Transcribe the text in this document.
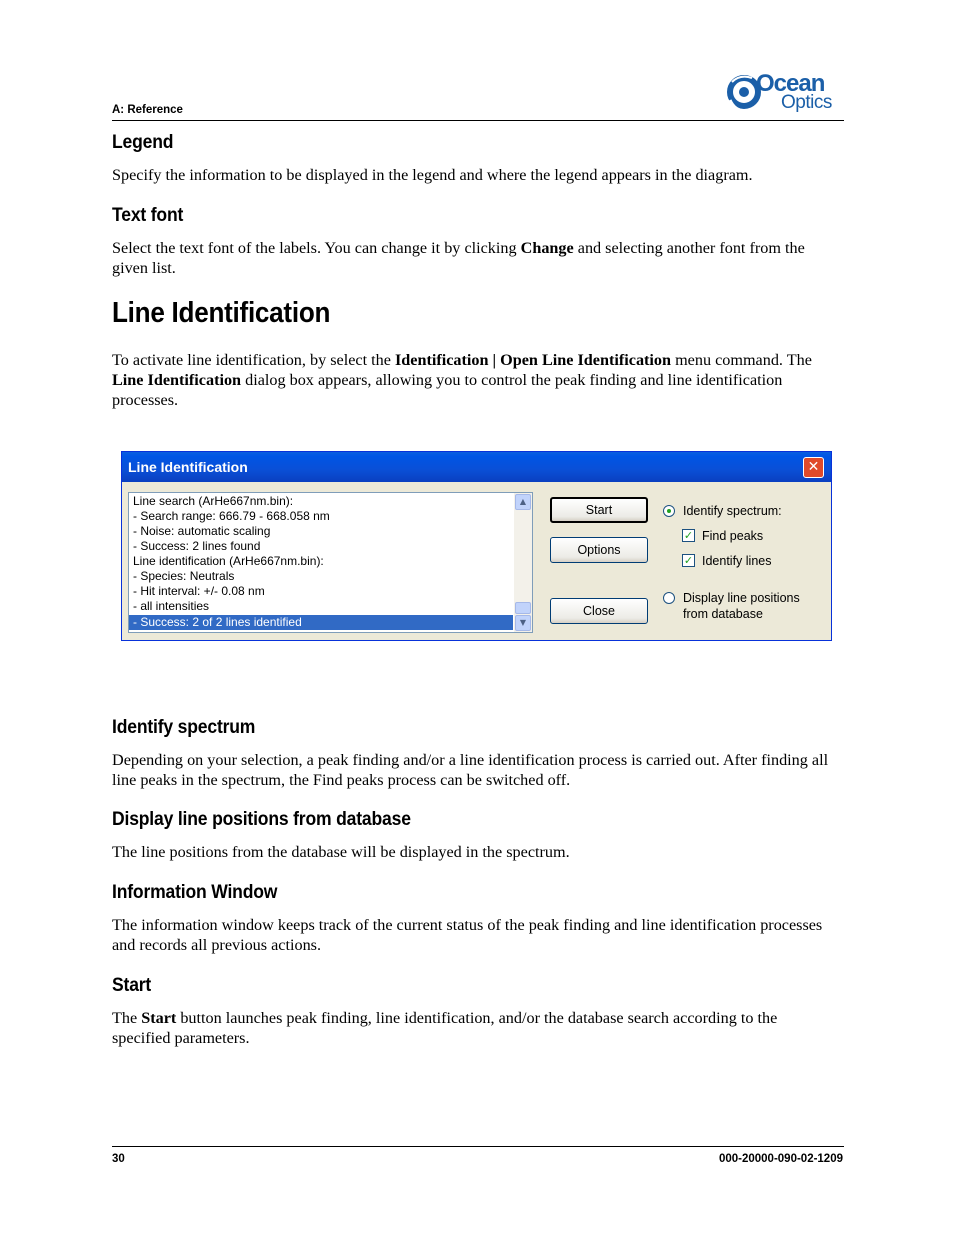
Ocean
Optics
A: Reference
Legend

Specify the information to be displayed in the legend and where the legend appears in the diagram.

Text font

Select the text font of the labels. You can change it by clicking Change and selecting another font from the given list.

Line Identification

To activate line identification, by select the Identification | Open Line Identification menu command. The Line Identification dialog box appears, allowing you to control the peak finding and line identification processes.

Line Identification	✕
Line search (ArHe667nm.bin):
- Search range: 666.79 - 668.058 nm
- Noise: automatic scaling
- Success: 2 lines found
Line identification (ArHe667nm.bin):
- Species: Neutrals
- Hit interval: +/- 0.08 nm
- all intensities
- Success: 2 of 2 lines identified
▲
▼
Start
Options
Close
Identify spectrum:
✓ Find peaks
✓ Identify lines
Display line positions
from database
Identify spectrum

Depending on your selection, a peak finding and/or a line identification process is carried out. After finding all line peaks in the spectrum, the Find peaks process can be switched off.

Display line positions from database

The line positions from the database will be displayed in the spectrum.

Information Window

The information window keeps track of the current status of the peak finding and line identification processes and records all previous actions.

Start

The Start button launches peak finding, line identification, and/or the database search according to the specified parameters.

30	000-20000-090-02-1209
